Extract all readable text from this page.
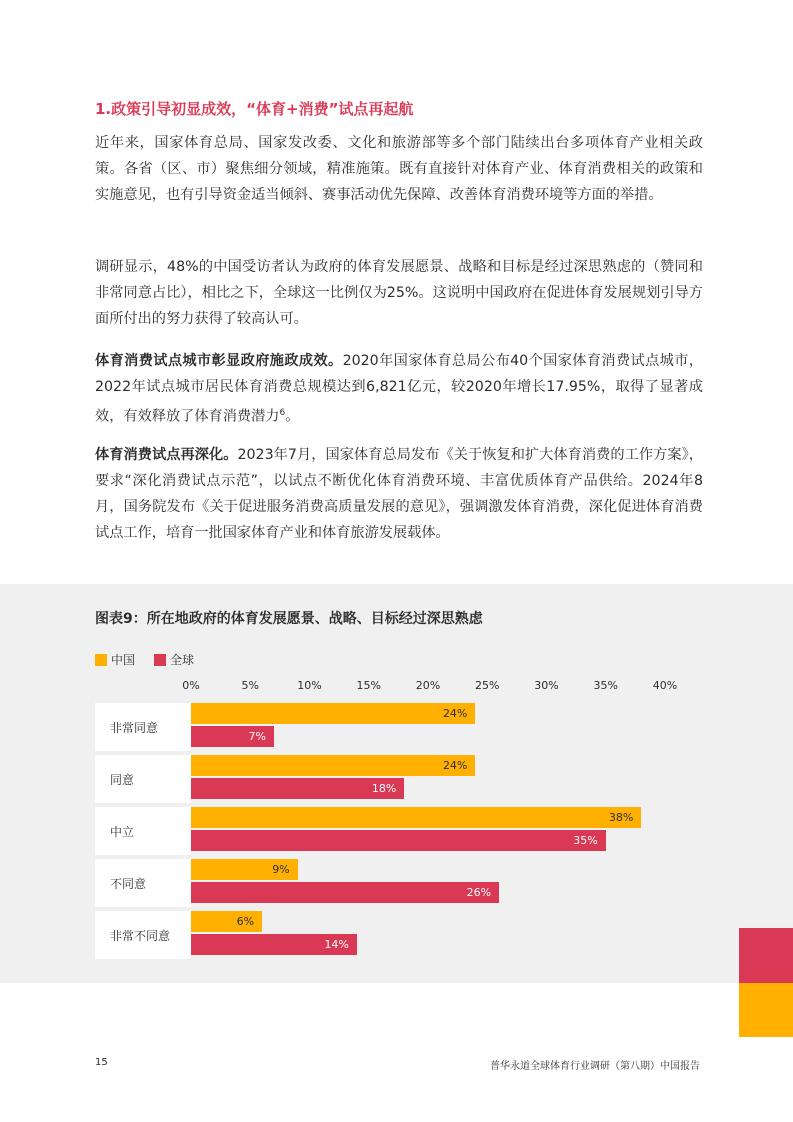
1.政策引导初显成效，“体育+消费”试点再起航
近年来，国家体育总局、国家发改委、文化和旅游部等多个部门陆续出台多项体育产业相关政策。各省（区、市）聚焦细分领域，精准施策。既有直接针对体育产业、体育消费相关的政策和实施意见，也有引导资金适当倾斜、赛事活动优先保障、改善体育消费环境等方面的举措。
调研显示，48%的中国受访者认为政府的体育发展愿景、战略和目标是经过深思熟虑的（赞同和非常同意占比），相比之下，全球这一比例仅为25%。这说明中国政府在促进体育发展规划引导方面所付出的努力获得了较高认可。
体育消费试点城市彰显政府施政成效。2020年国家体育总局公布40个国家体育消费试点城市，2022年试点城市居民体育消费总规模达到6,821亿元，较2020年增长17.95%，取得了显著成效，有效释放了体育消费潜力$^6$。
体育消费试点再深化。2023年7月，国家体育总局发布《关于恢复和扩大体育消费的工作方案》，要求“深化消费试点示范”，以试点不断优化体育消费环境、丰富优质体育产品供给。2024年8月，国务院发布《关于促进服务消费高质量发展的意见》，强调激发体育消费，深化促进体育消费试点工作，培育一批国家体育产业和体育旅游发展载体。
图表9：所在地政府的体育发展愿景、战略、目标经过深思熟虑
中国	全球
0%	5%	10%	15%	20%	25%	30%	35%	40%
非常同意
24%
7%
同意
24%
18%
中立
38%
35%
不同意
9%
26%
非常不同意
6%
14%
15	普华永道全球体育行业调研（第八期）中国报告
